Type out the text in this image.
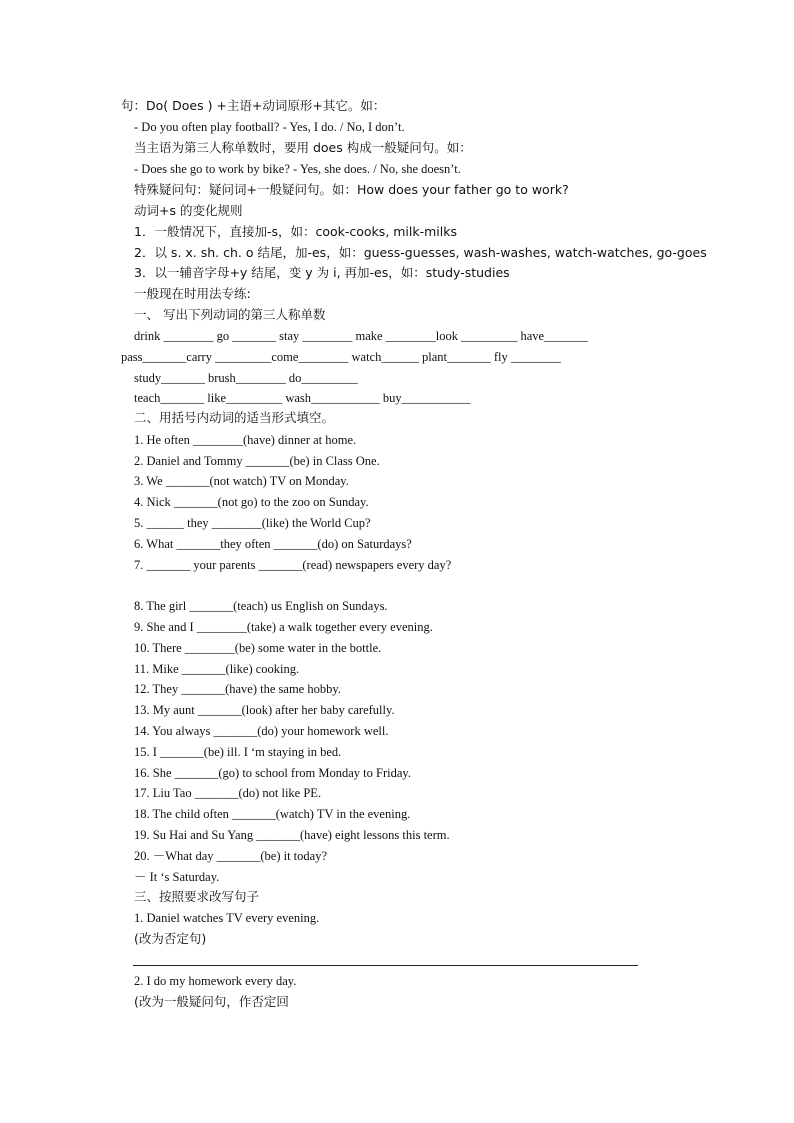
句：Do( Does ) +主语+动词原形+其它。如：
- Do you often play football? - Yes, I do. / No, I don’t.
当主语为第三人称单数时，要用 does 构成一般疑问句。如：
- Does she go to work by bike? - Yes, she does. / No, she doesn’t.
特殊疑问句：疑问词+一般疑问句。如：How does your father go to work?
动词+s 的变化规则
1．一般情况下，直接加-s，如：cook-cooks, milk-milks
2．以 s. x. sh. ch. o 结尾，加-es，如：guess-guesses, wash-washes, watch-watches, go-goes
3．以一辅音字母+y 结尾，变 y 为 i, 再加-es，如：study-studies
一般现在时用法专练:
一、 写出下列动词的第三人称单数
drink ________ go _______ stay ________ make ________look _________ have_______
pass_______carry _________come________ watch______ plant_______ fly ________
study_______ brush________ do_________
teach_______ like_________ wash___________ buy___________
二、用括号内动词的适当形式填空。
1. He often ________(have) dinner at home.
2. Daniel and Tommy _______(be) in Class One.
3. We _______(not watch) TV on Monday.
4. Nick _______(not go) to the zoo on Sunday.
5. ______ they ________(like) the World Cup?
6. What _______they often _______(do) on Saturdays?
7. _______ your parents _______(read) newspapers every day?
8. The girl _______(teach) us English on Sundays.
9. She and I ________(take) a walk together every evening.
10. There ________(be) some water in the bottle.
11. Mike _______(like) cooking.
12. They _______(have) the same hobby.
13. My aunt _______(look) after her baby carefully.
14. You always _______(do) your homework well.
15. I _______(be) ill. I ‘m staying in bed.
16. She _______(go) to school from Monday to Friday.
17. Liu Tao _______(do) not like PE.
18. The child often _______(watch) TV in the evening.
19. Su Hai and Su Yang _______(have) eight lessons this term.
20. －What day _______(be) it today?
－ It ‘s Saturday.
三、按照要求改写句子
1. Daniel watches TV every evening.
(改为否定句)
2. I do my homework every day.
(改为一般疑问句，作否定回
